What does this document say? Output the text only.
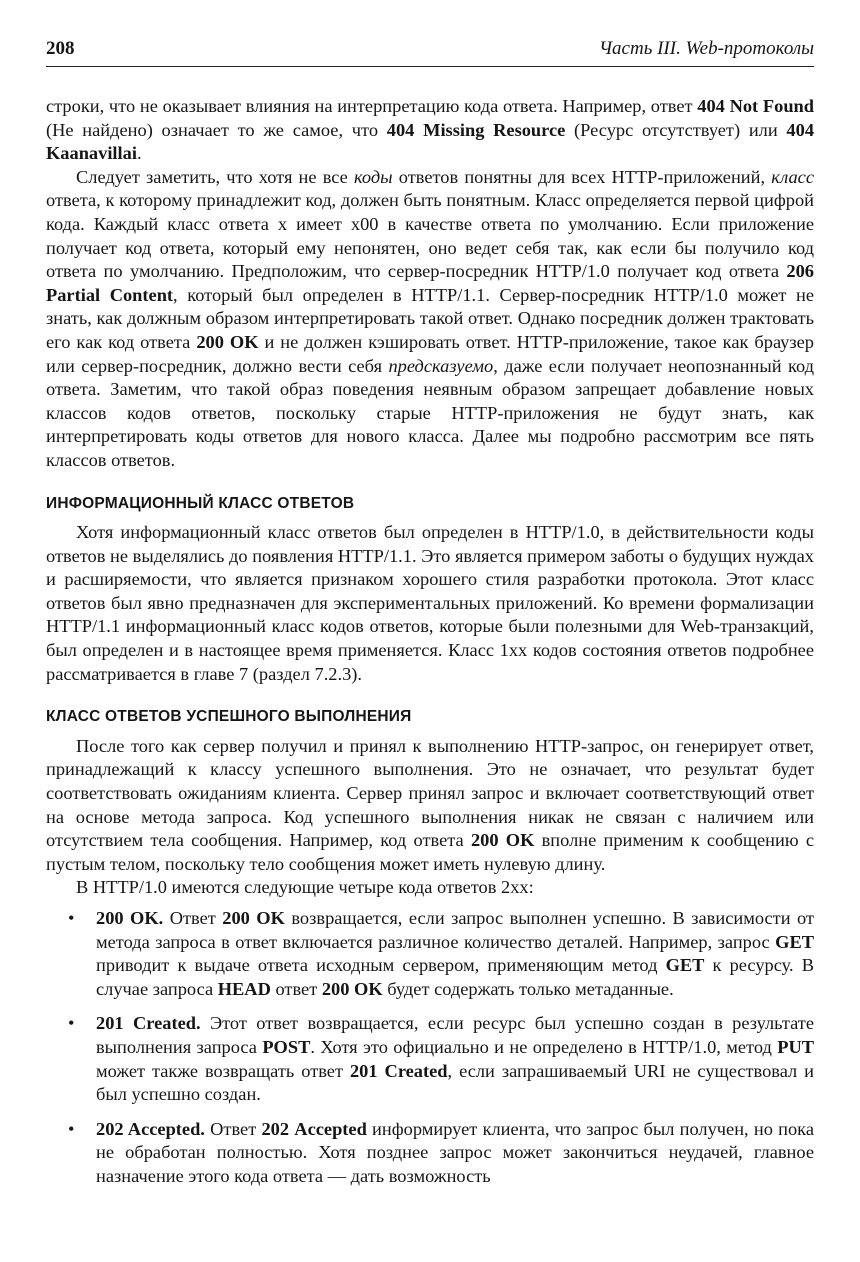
208	Часть III. Web-протоколы

строки, что не оказывает влияния на интерпретацию кода ответа. Например, ответ 404 Not Found (Не найдено) означает то же самое, что 404 Missing Resource (Ресурс отсутствует) или 404 Kaanavillai.

Следует заметить, что хотя не все коды ответов понятны для всех HTTP-приложений, класс ответа, к которому принадлежит код, должен быть понятным. Класс определяется первой цифрой кода. Каждый класс ответа x имеет x00 в качестве ответа по умолчанию. Если приложение получает код ответа, который ему непонятен, оно ведет себя так, как если бы получило код ответа по умолчанию. Предположим, что сервер-посредник HTTP/1.0 получает код ответа 206 Partial Content, который был определен в HTTP/1.1. Сервер-посредник HTTP/1.0 может не знать, как должным образом интерпретировать такой ответ. Однако посредник должен трактовать его как код ответа 200 OK и не должен кэшировать ответ. HTTP-приложение, такое как браузер или сервер-посредник, должно вести себя предсказуемо, даже если получает неопознанный код ответа. Заметим, что такой образ поведения неявным образом запрещает добавление новых классов кодов ответов, поскольку старые HTTP-приложения не будут знать, как интерпретировать коды ответов для нового класса. Далее мы подробно рассмотрим все пять классов ответов.

ИНФОРМАЦИОННЫЙ КЛАСС ОТВЕТОВ

Хотя информационный класс ответов был определен в HTTP/1.0, в действительности коды ответов не выделялись до появления HTTP/1.1. Это является примером заботы о будущих нуждах и расширяемости, что является признаком хорошего стиля разработки протокола. Этот класс ответов был явно предназначен для экспериментальных приложений. Ко времени формализации HTTP/1.1 информационный класс кодов ответов, которые были полезными для Web-транзакций, был определен и в настоящее время применяется. Класс 1xx кодов состояния ответов подробнее рассматривается в главе 7 (раздел 7.2.3).

КЛАСС ОТВЕТОВ УСПЕШНОГО ВЫПОЛНЕНИЯ

После того как сервер получил и принял к выполнению HTTP-запрос, он генерирует ответ, принадлежащий к классу успешного выполнения. Это не означает, что результат будет соответствовать ожиданиям клиента. Сервер принял запрос и включает соответствующий ответ на основе метода запроса. Код успешного выполнения никак не связан с наличием или отсутствием тела сообщения. Например, код ответа 200 OK вполне применим к сообщению с пустым телом, поскольку тело сообщения может иметь нулевую длину.

В HTTP/1.0 имеются следующие четыре кода ответов 2xx:

• 200 OK. Ответ 200 OK возвращается, если запрос выполнен успешно. В зависимости от метода запроса в ответ включается различное количество деталей. Например, запрос GET приводит к выдаче ответа исходным сервером, применяющим метод GET к ресурсу. В случае запроса HEAD ответ 200 OK будет содержать только метаданные.
• 201 Created. Этот ответ возвращается, если ресурс был успешно создан в результате выполнения запроса POST. Хотя это официально и не определено в HTTP/1.0, метод PUT может также возвращать ответ 201 Created, если запрашиваемый URI не существовал и был успешно создан.
• 202 Accepted. Ответ 202 Accepted информирует клиента, что запрос был получен, но пока не обработан полностью. Хотя позднее запрос может закончиться неудачей, главное назначение этого кода ответа — дать возможность
